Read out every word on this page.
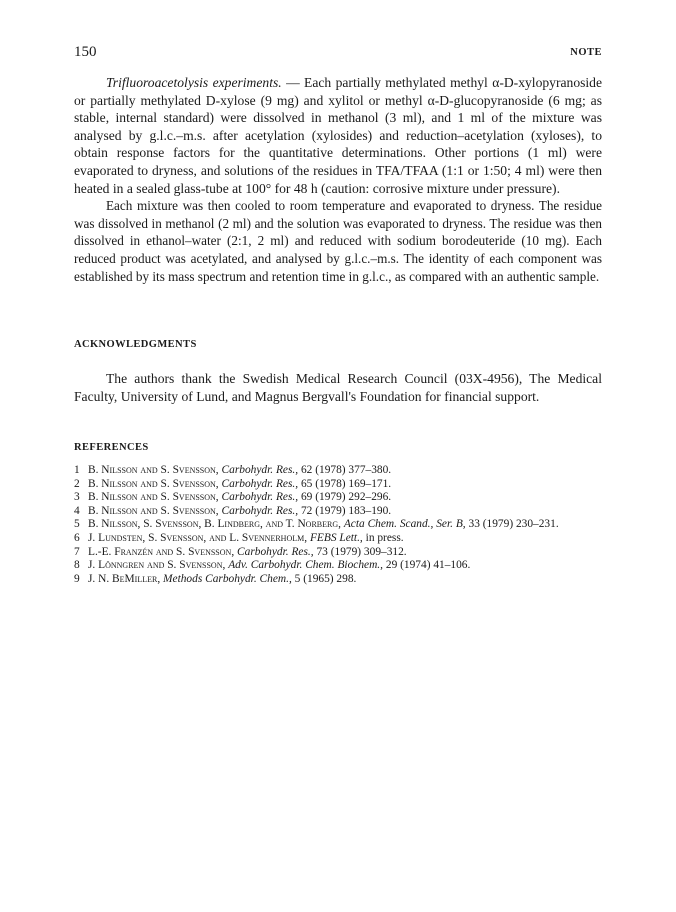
150	NOTE

Trifluoroacetolysis experiments. — Each partially methylated methyl α-D-xylopyranoside or partially methylated D-xylose (9 mg) and xylitol or methyl α-D-glucopyranoside (6 mg; as stable, internal standard) were dissolved in methanol (3 ml), and 1 ml of the mixture was analysed by g.l.c.–m.s. after acetylation (xylosides) and reduction–acetylation (xyloses), to obtain response factors for the quantitative determinations. Other portions (1 ml) were evaporated to dryness, and solutions of the residues in TFA/TFAA (1:1 or 1:50; 4 ml) were then heated in a sealed glass-tube at 100° for 48 h (caution: corrosive mixture under pressure).

Each mixture was then cooled to room temperature and evaporated to dryness. The residue was dissolved in methanol (2 ml) and the solution was evaporated to dryness. The residue was then dissolved in ethanol–water (2:1, 2 ml) and reduced with sodium borodeuteride (10 mg). Each reduced product was acetylated, and analysed by g.l.c.–m.s. The identity of each component was established by its mass spectrum and retention time in g.l.c., as compared with an authentic sample.

ACKNOWLEDGMENTS

The authors thank the Swedish Medical Research Council (03X-4956), The Medical Faculty, University of Lund, and Magnus Bergvall's Foundation for financial support.

REFERENCES
1 B. Nilsson and S. Svensson, Carbohydr. Res., 62 (1978) 377–380.
2 B. Nilsson and S. Svensson, Carbohydr. Res., 65 (1978) 169–171.
3 B. Nilsson and S. Svensson, Carbohydr. Res., 69 (1979) 292–296.
4 B. Nilsson and S. Svensson, Carbohydr. Res., 72 (1979) 183–190.
5 B. Nilsson, S. Svensson, B. Lindberg, and T. Norberg, Acta Chem. Scand., Ser. B, 33 (1979) 230–231.
6 J. Lundsten, S. Svensson, and L. Svennerholm, FEBS Lett., in press.
7 L.-E. Franzén and S. Svensson, Carbohydr. Res., 73 (1979) 309–312.
8 J. Lönngren and S. Svensson, Adv. Carbohydr. Chem. Biochem., 29 (1974) 41–106.
9 J. N. BeMiller, Methods Carbohydr. Chem., 5 (1965) 298.
